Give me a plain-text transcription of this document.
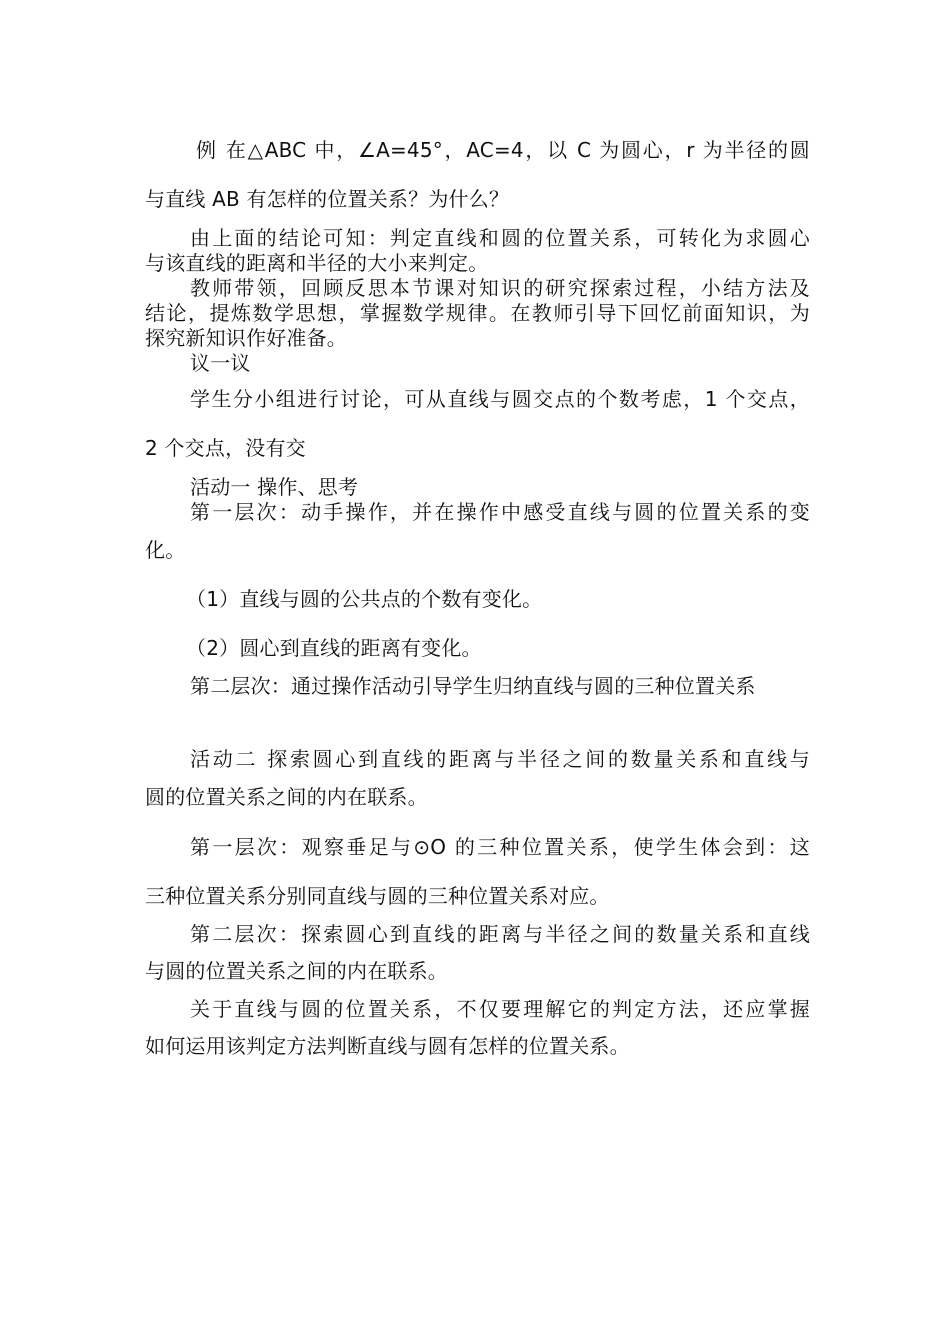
例 在△ABC 中，∠A=45°，AC=4，以 C 为圆心，r 为半径的圆
与直线 AB 有怎样的位置关系？为什么？
由上面的结论可知：判定直线和圆的位置关系，可转化为求圆心
与该直线的距离和半径的大小来判定。
教师带领，回顾反思本节课对知识的研究探索过程，小结方法及
结论，提炼数学思想，掌握数学规律。在教师引导下回忆前面知识，为
探究新知识作好准备。
议一议
学生分小组进行讨论，可从直线与圆交点的个数考虑，1 个交点，
2 个交点，没有交
活动一 操作、思考
第一层次：动手操作，并在操作中感受直线与圆的位置关系的变
化。
（1）直线与圆的公共点的个数有变化。
（2）圆心到直线的距离有变化。
第二层次：通过操作活动引导学生归纳直线与圆的三种位置关系
活动二 探索圆心到直线的距离与半径之间的数量关系和直线与
圆的位置关系之间的内在联系。
第一层次：观察垂足与⊙O 的三种位置关系，使学生体会到：这
三种位置关系分别同直线与圆的三种位置关系对应。
第二层次：探索圆心到直线的距离与半径之间的数量关系和直线
与圆的位置关系之间的内在联系。
关于直线与圆的位置关系，不仅要理解它的判定方法，还应掌握
如何运用该判定方法判断直线与圆有怎样的位置关系。
